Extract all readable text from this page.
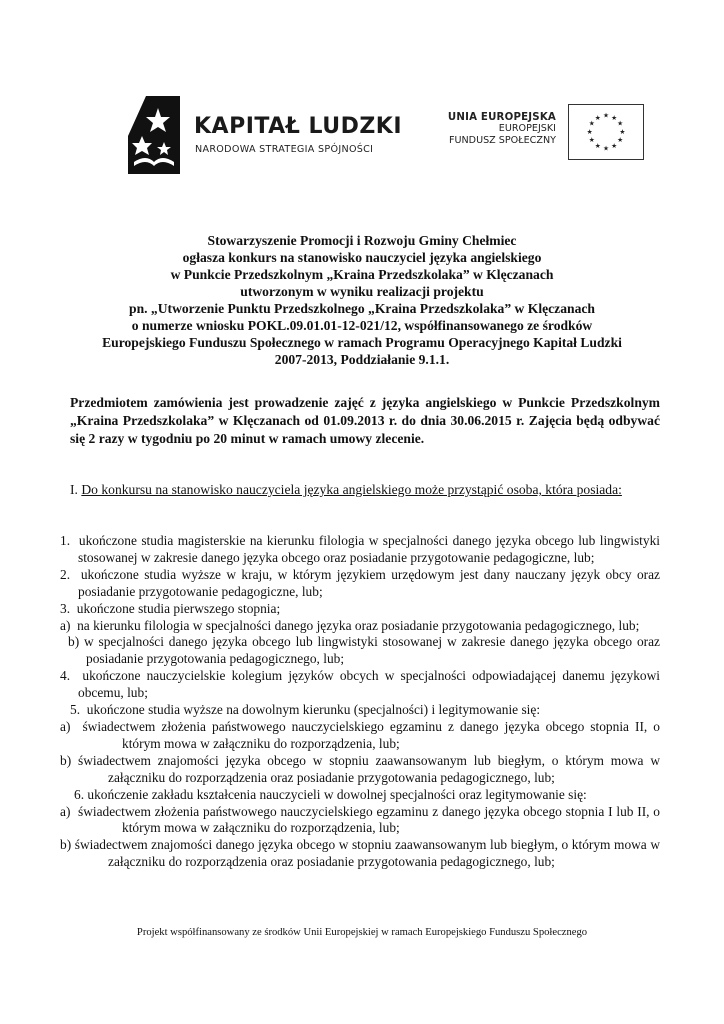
KAPITAŁ LUDZKI
NARODOWA STRATEGIA SPÓJNOŚCI
UNIA EUROPEJSKA
EUROPEJSKI
FUNDUSZ SPOŁECZNY
★ ★
★
★
★
★
★
★
★
★
★
★
Stowarzyszenie Promocji i Rozwoju Gminy Chełmiec
ogłasza konkurs na stanowisko nauczyciel języka angielskiego
w Punkcie Przedszkolnym „Kraina Przedszkolaka” w Klęczanach
utworzonym w wyniku realizacji projektu
pn. „Utworzenie Punktu Przedszkolnego „Kraina Przedszkolaka” w Klęczanach
o numerze wniosku POKL.09.01.01-12-021/12, współfinansowanego ze środków
Europejskiego Funduszu Społecznego w ramach Programu Operacyjnego Kapitał Ludzki
2007-2013, Poddziałanie 9.1.1.
Przedmiotem zamówienia jest prowadzenie zajęć z języka angielskiego w Punkcie Przedszkolnym „Kraina Przedszkolaka” w Klęczanach od 01.09.2013 r. do dnia 30.06.2015 r. Zajęcia będą odbywać się 2 razy w tygodniu po 20 minut w ramach umowy zlecenie.
I. Do konkursu na stanowisko nauczyciela języka angielskiego może przystąpić osoba, która posiada:
1. ukończone studia magisterskie na kierunku filologia w specjalności danego języka obcego lub lingwistyki stosowanej w zakresie danego języka obcego oraz posiadanie przygotowanie pedagogiczne, lub;
2. ukończone studia wyższe w kraju, w którym językiem urzędowym jest dany nauczany język obcy oraz posiadanie przygotowanie pedagogiczne, lub;
3. ukończone studia pierwszego stopnia;
a) na kierunku filologia w specjalności danego języka oraz posiadanie przygotowania pedagogicznego, lub;
b) w specjalności danego języka obcego lub lingwistyki stosowanej w zakresie danego języka obcego oraz posiadanie przygotowania pedagogicznego, lub;
4. ukończone nauczycielskie kolegium języków obcych w specjalności odpowiadającej danemu językowi obcemu, lub;
5. ukończone studia wyższe na dowolnym kierunku (specjalności) i legitymowanie się:
a) świadectwem złożenia państwowego nauczycielskiego egzaminu z danego języka obcego stopnia II, o którym mowa w załączniku do rozporządzenia, lub;
b) świadectwem znajomości języka obcego w stopniu zaawansowanym lub biegłym, o którym mowa w załączniku do rozporządzenia oraz posiadanie przygotowania pedagogicznego, lub;
6. ukończenie zakładu kształcenia nauczycieli w dowolnej specjalności oraz legitymowanie się:
a) świadectwem złożenia państwowego nauczycielskiego egzaminu z danego języka obcego stopnia I lub II, o którym mowa w załączniku do rozporządzenia, lub;
b) świadectwem znajomości danego języka obcego w stopniu zaawansowanym lub biegłym, o którym mowa w załączniku do rozporządzenia oraz posiadanie przygotowania pedagogicznego, lub;
Projekt współfinansowany ze środków Unii Europejskiej w ramach Europejskiego Funduszu Społecznego
